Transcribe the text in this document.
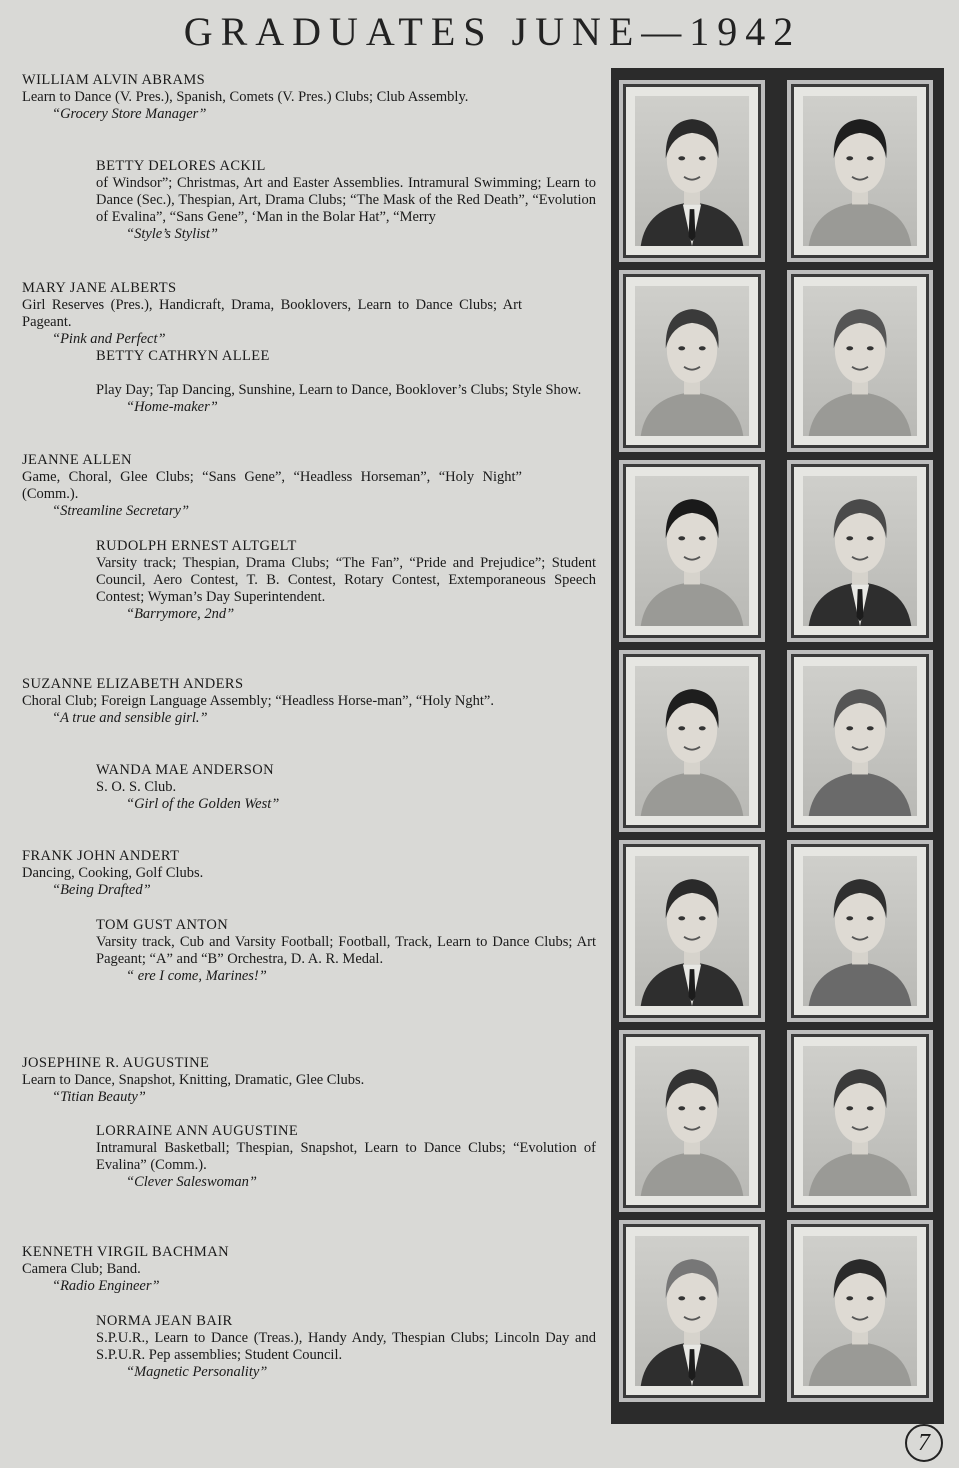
GRADUATES JUNE—1942
WILLIAM ALVIN ABRAMS
Learn to Dance (V. Pres.), Spanish, Comets (V. Pres.) Clubs; Club Assembly.
“Grocery Store Manager”
BETTY DELORES ACKIL
of Windsor”; Christmas, Art and Easter Assemblies. Intramural Swimming; Learn to Dance (Sec.), Thespian, Art, Drama Clubs; “The Mask of the Red Death”, “Evolution of Evalina”, “Sans Gene”, ‘Man in the Bolar Hat”, “Merry
“Style’s Stylist”
MARY JANE ALBERTS
Girl Reserves (Pres.), Handicraft, Drama, Booklovers, Learn to Dance Clubs; Art Pageant.
“Pink and Perfect”
BETTY CATHRYN ALLEE
Play Day; Tap Dancing, Sunshine, Learn to Dance, Booklover’s Clubs; Style Show.
“Home-maker”
JEANNE ALLEN
Game, Choral, Glee Clubs; “Sans Gene”, “Headless Horseman”, “Holy Night” (Comm.).
“Streamline Secretary”
RUDOLPH ERNEST ALTGELT
Varsity track; Thespian, Drama Clubs; “The Fan”, “Pride and Prejudice”; Student Council, Aero Contest, T. B. Contest, Rotary Contest, Extemporaneous Speech Contest; Wyman’s Day Superintendent.
“Barrymore, 2nd”
SUZANNE ELIZABETH ANDERS
Choral Club; Foreign Language Assembly; “Headless Horse-man”, “Holy Nght”.
“A true and sensible girl.”
WANDA MAE ANDERSON
S. O. S. Club.
“Girl of the Golden West”
FRANK JOHN ANDERT
Dancing, Cooking, Golf Clubs.
“Being Drafted”
TOM GUST ANTON
Varsity track, Cub and Varsity Football; Football, Track, Learn to Dance Clubs; Art Pageant; “A” and “B” Orchestra, D. A. R. Medal.
“ ere I come, Marines!”
JOSEPHINE R. AUGUSTINE
Learn to Dance, Snapshot, Knitting, Dramatic, Glee Clubs.
“Titian Beauty”
LORRAINE ANN AUGUSTINE
Intramural Basketball; Thespian, Snapshot, Learn to Dance Clubs; “Evolution of Evalina” (Comm.).
“Clever Saleswoman”
KENNETH VIRGIL BACHMAN
Camera Club; Band.
“Radio Engineer”
NORMA JEAN BAIR
S.P.U.R., Learn to Dance (Treas.), Handy Andy, Thespian Clubs; Lincoln Day and S.P.U.R. Pep assemblies; Student Council.
“Magnetic Personality”
7
